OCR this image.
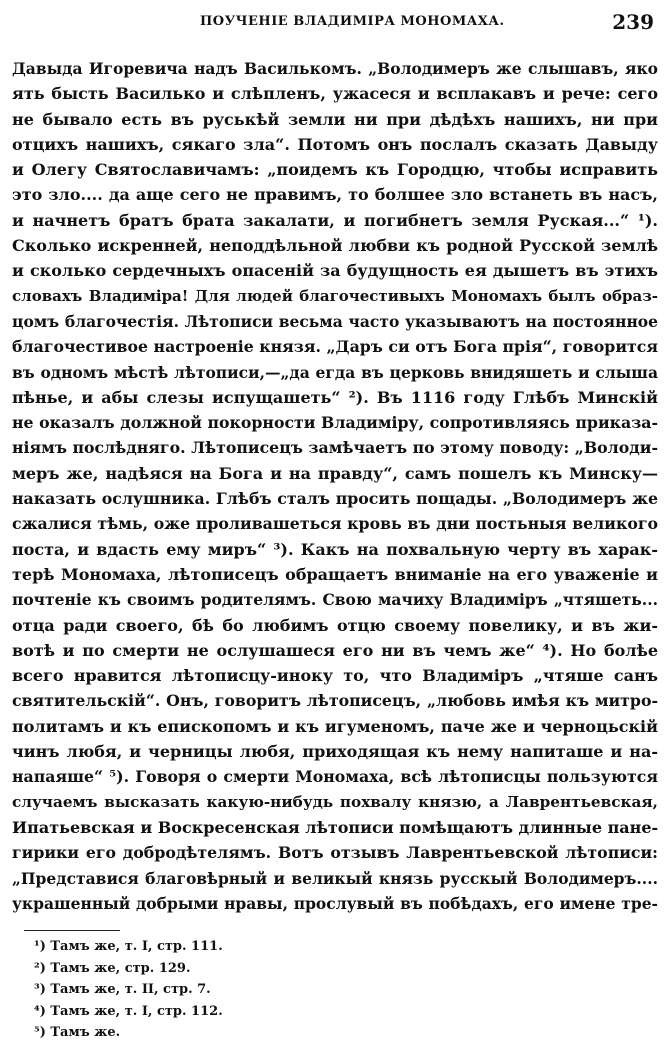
ПОУЧЕНІЕ ВЛАДИМІРА МОНОМАХА.	239
Давыда Игоревича надъ Василькомъ. „Володимеръ же слышавъ, яко
ять бысть Василько и слѣпленъ, ужасеся и всплакавъ и рече: сего
не бывало есть въ руськѣй земли ни при дѣдѣхъ нашихъ, ни при
отцихъ нашихъ, сякаго зла“. Потомъ онъ послалъ сказать Давыду
и Олегу Святославичамъ: „поидемъ къ Городцю, чтобы исправить
это зло.... да аще сего не правимъ, то болшее зло встанеть въ насъ,
и начнетъ братъ брата закалати, и погибнетъ земля Руская...“ ¹).
Сколько искренней, неподдѣльной любви къ родной Русской землѣ
и сколько сердечныхъ опасеній за будущность ея дышетъ въ этихъ
словахъ Владиміра! Для людей благочестивыхъ Мономахъ былъ образ-
цомъ благочестія. Лѣтописи весьма часто указываютъ на постоянное
благочестивое настроеніе князя. „Даръ си отъ Бога прія“, говорится
въ одномъ мѣстѣ лѣтописи,—„да егда въ церковь внидяшеть и слыша
пѣнье, и абы слезы испущашеть“ ²). Въ 1116 году Глѣбъ Минскій
не оказалъ должной покорности Владиміру, сопротивляясь приказа-
ніямъ послѣдняго. Лѣтописецъ замѣчаетъ по этому поводу: „Володи-
меръ же, надѣяся на Бога и на правду“, самъ пошелъ къ Минску—
наказать ослушника. Глѣбъ сталъ просить пощады. „Володимеръ же
сжалися тѣмь, оже проливашеться кровь въ дни постьныя великого
поста, и вдасть ему миръ“ ³). Какъ на похвальную черту въ харак-
терѣ Мономаха, лѣтописецъ обращаетъ вниманіе на его уваженіе и
почтеніе къ своимъ родителямъ. Свою мачиху Владиміръ „чтяшеть...
отца ради своего, бѣ бо любимъ отцю своему повелику, и въ жи-
вотѣ и по смерти не ослушашеся его ни въ чемъ же“ ⁴). Но болѣе
всего нравится лѣтописцу-иноку то, что Владиміръ „чтяше санъ
святительскій“. Онъ, говоритъ лѣтописецъ, „любовь имѣя къ митро-
политамъ и къ епископомъ и къ игуменомъ, паче же и черноцьскій
чинъ любя, и черницы любя, приходящая къ нему напиташе и на-
напаяше“ ⁵). Говоря о смерти Мономаха, всѣ лѣтописцы пользуются
случаемъ высказать какую-нибудь похвалу князю, а Лаврентьевская,
Ипатьевская и Воскресенская лѣтописи помѣщаютъ длинные пане-
гирики его добродѣтелямъ. Вотъ отзывъ Лаврентьевской лѣтописи:
„Представися благовѣрный и великый князь русскый Володимеръ....
украшенный добрыми нравы, прослувый въ побѣдахъ, его имене тре-
¹) Тамъ же, т. I, стр. 111.
²) Тамъ же, стр. 129.
³) Тамъ же, т. II, стр. 7.
⁴) Тамъ же, т. I, стр. 112.
⁵) Тамъ же.
